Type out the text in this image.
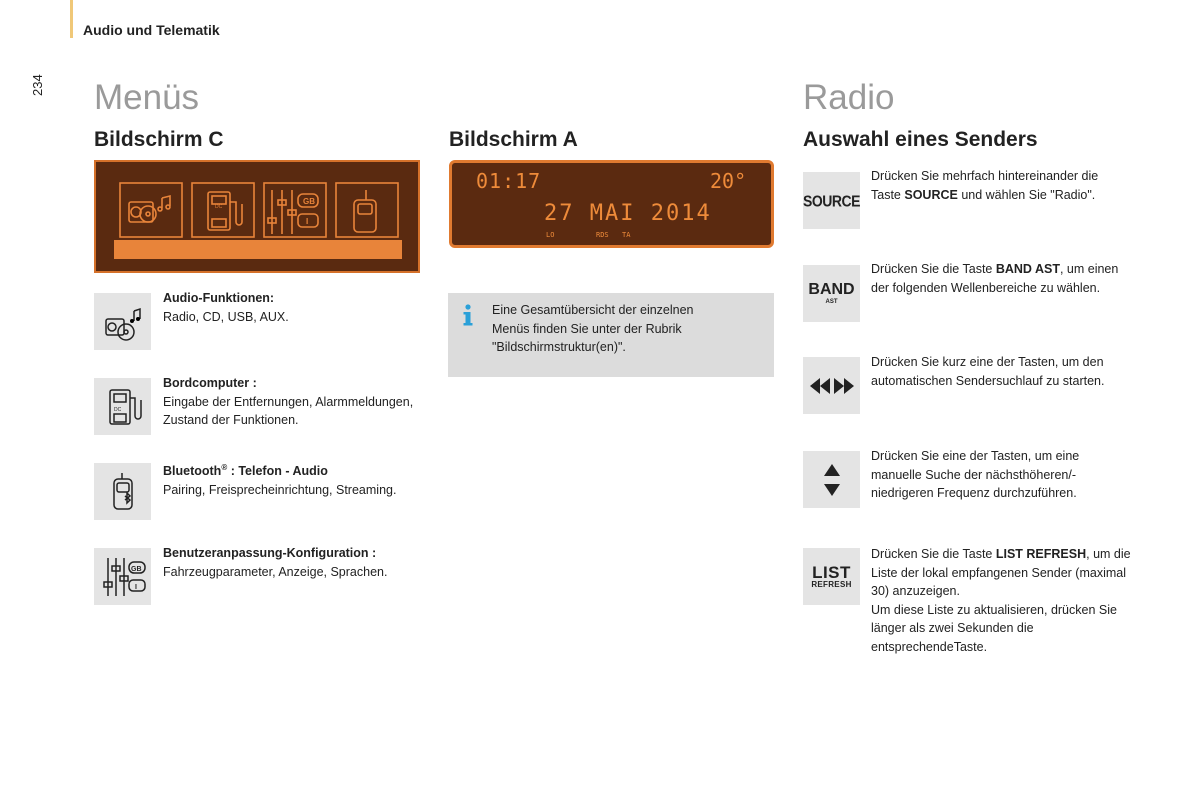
Audio und Telematik
234 Menüs
Bildschirm C
DC
GB
I
Audio-Funktionen:
Radio, CD, USB, AUX.
DC
Bordcomputer :
Eingabe der Entfernungen, Alarmmeldungen, Zustand der Funktionen.
Bluetooth® : Telefon - Audio
Pairing, Freisprecheinrichtung, Streaming.
GB
I
Benutzeranpassung-Konfiguration :
Fahrzeugparameter, Anzeige, Sprachen.
Bildschirm A
01:17	20°
27 MAI 2014
LO	RDS TA
Eine Gesamtübersicht der einzelnen Menüs finden Sie unter der Rubrik "Bildschirmstruktur(en)".
Radio
Auswahl eines Senders
SOURCE
Drücken Sie mehrfach hintereinander die Taste SOURCE und wählen Sie "Radio".
BAND
AST
Drücken Sie die Taste BAND AST, um einen der folgenden Wellenbereiche zu wählen.
Drücken Sie kurz eine der Tasten, um den automatischen Sendersuchlauf zu starten.
Drücken Sie eine der Tasten, um eine manuelle Suche der nächsthöheren/-niedrigeren Frequenz durchzuführen.
LIST
REFRESH
Drücken Sie die Taste LIST REFRESH, um die Liste der lokal empfangenen Sender (maximal 30) anzuzeigen.
Um diese Liste zu aktualisieren, drücken Sie länger als zwei Sekunden die entsprechendeTaste.
